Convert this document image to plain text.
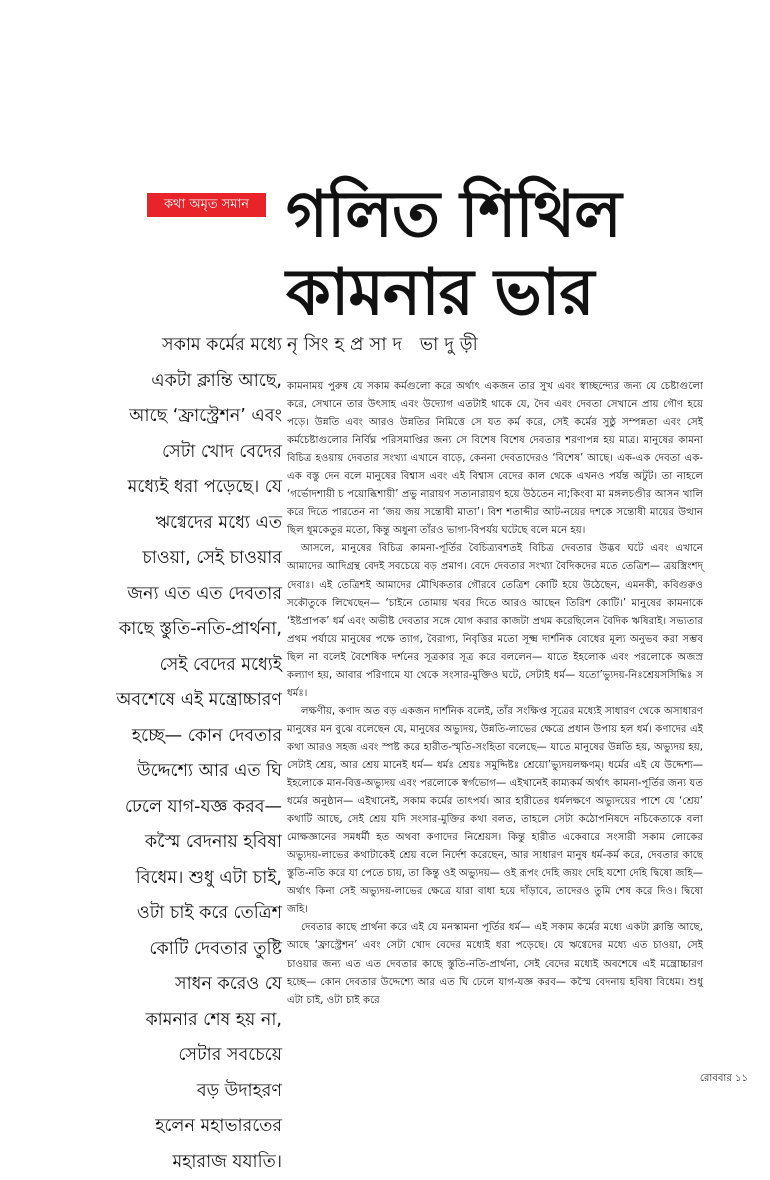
কথা অমৃত সমান গলিত শিথিল
কামনার ভার
নৃসিংহপ্রসাদ ভাদুড়ী
সকাম কর্মের মধ্যে
একটা ক্লান্তি আছে,
আছে ‘ফ্রাস্ট্রেশন’ এবং
সেটা খোদ বেদের
মধ্যেই ধরা পড়েছে। যে
ঋগ্বেদের মধ্যে এত
চাওয়া, সেই চাওয়ার
জন্য এত এত দেবতার
কাছে স্তুতি-নতি-প্রার্থনা,
সেই বেদের মধ্যেই
অবশেষে এই মন্ত্রোচ্চারণ
হচ্ছে— কোন দেবতার
উদ্দেশ্যে আর এত ঘি
ঢেলে যাগ-যজ্ঞ করব—
কস্মৈ বেদনায় হবিষা
বিধেম। শুধু এটা চাই,
ওটা চাই করে তেত্রিশ
কোটি দেবতার তুষ্টি
সাধন করেও যে
কামনার শেষ হয় না,
সেটার সবচেয়ে
বড় উদাহরণ
হলেন মহাভারতের
মহারাজ যযাতি।

কামনাময় পুরুষ যে সকাম কর্মগুলো করে অর্থাৎ একজন তার সুখ এবং স্বাচ্ছন্দ্যের জন্য যে চেষ্টাগুলো করে, সেখানে তার উৎসাহ এবং উদ্যোগ এতটাই থাকে যে, দৈব এবং দেবতা সেখানে প্রায় গৌণ হয়ে পড়ে। উন্নতি এবং আরও উন্নতির নিমিত্তে সে যত কর্ম করে, সেই কর্মের সুষ্ঠু সম্পন্নতা এবং সেই কর্মচেষ্টাগুলোর নির্বিঘ্ন পরিসমাপ্তির জন্য সে বিশেষ বিশেষ দেবতার শরণাপন্ন হয় মাত্র। মানুষের কামনা বিচিত্র হওয়ায় দেবতার সংখ্যা এখানে বাড়ে, কেননা দেবতাদেরও ‘বিশেষ’ আছে। এক-এক দেবতা এক-এক বস্তু দেন বলে মানুষের বিশ্বাস এবং এই বিশ্বাস বেদের কাল থেকে এখনও পর্যন্ত অটুট। তা নাহলে ‘গর্ভোদশায়ী চ পয়োব্ধিশায়ী’ প্রভু নারায়ণ সত্যনারায়ণ হয়ে উঠতেন না;কিংবা মা মঙ্গলচণ্ডীর আসন খালি করে দিতে পারতেন না ‘জয় জয় সন্তোষী মাতা’। বিশ শতাব্দীর আট-নয়ের দশকে সন্তোষী মায়ের উত্থান ছিল ধূমকেতুর মতো, কিন্তু অধুনা তাঁরও ভাগ্য-বিপর্যয় ঘটেছে বলে মনে হয়।

আসলে, মানুষের বিচিত্র কামনা-পূর্তির বৈচিত্র্যবশতই বিচিত্র দেবতার উদ্ভব ঘটে এবং এখানে আমাদের আদিগ্রন্থ বেদই সবচেয়ে বড় প্রমাণ। বেদে দেবতার সংখ্যা বৈদিকদের মতে তেত্রিশ— ত্রয়স্ত্রিংশদ্ দেবাঃ। এই তেত্রিশই আমাদের মৌখিকতার গৌরবে তেত্রিশ কোটি হয়ে উঠেছেন, এমনকী, কবিগুরুও সকৌতুকে লিখেছেন— ‘চাইনে তোমায় খবর দিতে আরও আছেন তিরিশ কোটি।’ মানুষের কামনাকে ‘ইষ্টপ্রাপক’ ধর্ম এবং অভীষ্ট দেবতার সঙ্গে যোগ করার কাজটা প্রথম করেছিলেন বৈদিক ঋষিরাই। সভ্যতার প্রথম পর্যায়ে মানুষের পক্ষে ত্যাগ, বৈরাগ্য, নিবৃত্তির মতো সূক্ষ্ম দার্শনিক বোধের মূল্য অনুভব করা সম্ভব ছিল না বলেই বৈশেষিক দর্শনের সূত্রকার সূত্র করে বললেন— যাতে ইহলোক এবং পরলোকে অজস্র কল্যাণ হয়, আবার পরিণামে যা থেকে সংসার-মুক্তিও ঘটে, সেটাই ধর্ম— যতো’ভ্যুদয়-নিঃশ্রেয়সসিদ্ধিঃ স ধর্মঃ।

লক্ষণীয়, কণাদ অত বড় একজন দার্শনিক বলেই, তাঁর সংক্ষিপ্ত সূত্রের মধ্যেই সাধারণ থেকে অসাধারণ মানুষের মন বুঝে বলেছেন যে, মানুষের অভ্যুদয়, উন্নতি-লাভের ক্ষেত্রে প্রধান উপায় হল ধর্ম। কণাদের এই কথা আরও সহজ এবং স্পষ্ট করে হারীত-স্মৃতি-সংহিতা বলেছে— যাতে মানুষের উন্নতি হয়, অভ্যুদয় হয়, সেটাই শ্রেয়, আর শ্রেয় মানেই ধর্ম— ধর্মঃ শ্রেয়ঃ সমুদ্দিষ্টঃ শ্রেয়ো’ভ্যুদয়লক্ষণম্। ধর্মের এই যে উদ্দেশ্য— ইহলোকে মান-বিত্ত-অভ্যুদয় এবং পরলোকে স্বর্গভোগ— এইখানেই কাম্যকর্ম অর্থাৎ কামনা-পূর্তির জন্য যত ধর্মের অনুষ্ঠান— এইখানেই, সকাম কর্মের তাৎপর্য। আর হারীতের ধর্মলক্ষণে অভ্যুদয়ের পাশে যে ‘শ্রেয়’ কথাটি আছে, সেই শ্রেয় যদি সংসার-মুক্তির কথা বলত, তাহলে সেটা কঠোপনিষদে নচিকেতাকে বলা মোক্ষজ্ঞানের সমধর্মী হত অথবা কণাদের নিশ্রেয়স। কিন্তু হারীত একেবারে সংসারী সকাম লোকের অভ্যুদয়-লাভের কথাটাকেই শ্রেয় বলে নির্দেশ করেছেন, আর সাধারণ মানুষ ধর্ম-কর্ম করে, দেবতার কাছে স্তুতি-নতি করে যা পেতে চায়, তা কিন্তু ওই অভ্যুদয়— ওই রূপং দেহি জয়ং দেহি যশো দেহি দ্বিষো জহি— অর্থাৎ কিনা সেই অভ্যুদয়-লাভের ক্ষেত্রে যারা বাধা হয়ে দাঁড়াবে, তাদেরও তুমি শেষ করে দিও। দ্বিষো জহি।

দেবতার কাছে প্রার্থনা করে এই যে মনস্কামনা পূর্তির ধর্ম— এই সকাম কর্মের মধ্যে একটা ক্লান্তি আছে, আছে ‘ফ্রাস্ট্রেশন’ এবং সেটা খোদ বেদের মধ্যেই ধরা পড়েছে। যে ঋগ্বেদের মধ্যে এত চাওয়া, সেই চাওয়ার জন্য এত এত দেবতার কাছে স্তুতি-নতি-প্রার্থনা, সেই বেদের মধ্যেই অবশেষে এই মন্ত্রোচ্চারণ হচ্ছে— কোন দেবতার উদ্দেশ্যে আর এত ঘি ঢেলে যাগ-যজ্ঞ করব— কস্মৈ বেদনায় হবিষা বিধেম। শুধু এটা চাই, ওটা চাই করে

রোববার ১১
